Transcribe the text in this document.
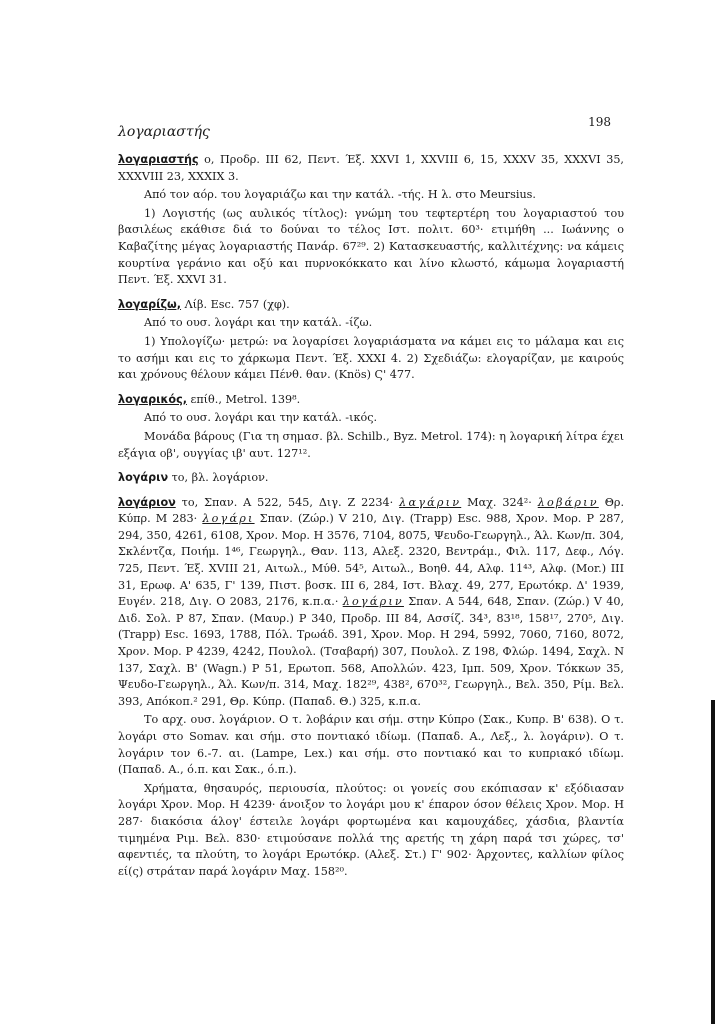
λογαριαστής
198

λογαριαστής ο, Προδρ. III 62, Πεντ. Έξ. XXVI 1, XXVIII 6, 15, XXXV 35, XXXVI 35, XXXVIII 23, XXXIX 3.

Από τον αόρ. του λογαριάζω και την κατάλ. -τής. Η λ. στο Meursius.

1) Λογιστής (ως αυλικός τίτλος): γνώμη του τεφτερτέρη του λογαριαστού του βασιλέως εκάθισε διά το δούναι το τέλος Ιστ. πολιτ. 60³· ετιμήθη ... Ιωάννης ο Καβαζίτης μέγας λογαριαστής Πανάρ. 67²⁹. 2) Κατασκευαστής, καλλιτέχνης: να κάμεις κουρτίνα γεράνιο και οξύ και πυρνοκόκκατο και λίνο κλωστό, κάμωμα λογαριαστή Πεντ. Έξ. XXVI 31.

λογαρίζω, Λίβ. Esc. 757 (χφ).

Από το ουσ. λογάρι και την κατάλ. -ίζω.

1) Υπολογίζω· μετρώ: να λογαρίσει λογαριάσματα να κάμει εις το μάλαμα και εις το ασήμι και εις το χάρκωμα Πεντ. Έξ. XXXI 4. 2) Σχεδιάζω: ελογαρίζαν, με καιρούς και χρόνους θέλουν κάμει Πένθ. θαν. (Knös) Ϛ' 477.

λογαρικός, επίθ., Metrol. 139⁸.

Από το ουσ. λογάρι και την κατάλ. -ικός.

Μονάδα βάρους (Για τη σημασ. βλ. Schilb., Byz. Metrol. 174): η λογαρική λίτρα έχει εξάγια οβ', ουγγίας ιβ' αυτ. 127¹².

λογάριν το, βλ. λογάριον.

λογάριον το, Σπαν. Α 522, 545, Διγ. Ζ 2234· λαγάριν Μαχ. 324²· λοβάριν Θρ. Κύπρ. Μ 283· λογάρι Σπαν. (Ζώρ.) V 210, Διγ. (Trapp) Esc. 988, Χρον. Μορ. P 287, 294, 350, 4261, 6108, Χρον. Μορ. Η 3576, 7104, 8075, Ψευδο-Γεωργηλ., Άλ. Κων/π. 304, Σκλέντζα, Ποιήμ. 1⁴⁶, Γεωργηλ., Θαν. 113, Αλεξ. 2320, Βεντράμ., Φιλ. 117, Δεφ., Λόγ. 725, Πεντ. Έξ. XVIII 21, Αιτωλ., Μύθ. 54⁵, Αιτωλ., Βοηθ. 44, Αλφ. 11⁴³, Αλφ. (Mor.) III 31, Ερωφ. Α' 635, Γ' 139, Πιστ. βοσκ. III 6, 284, Ιστ. Βλαχ. 49, 277, Ερωτόκρ. Δ' 1939, Ευγέν. 218, Διγ. Ο 2083, 2176, κ.π.α.· λογάριν Σπαν. Α 544, 648, Σπαν. (Ζώρ.) V 40, Διδ. Σολ. P 87, Σπαν. (Μαυρ.) P 340, Προδρ. III 84, Ασσίζ. 34³, 83¹⁸, 158¹⁷, 270⁵, Διγ. (Trapp) Esc. 1693, 1788, Πόλ. Τρωάδ. 391, Χρον. Μορ. Η 294, 5992, 7060, 7160, 8072, Χρον. Μορ. P 4239, 4242, Πουλολ. (Τσαβαρή) 307, Πουλολ. Ζ 198, Φλώρ. 1494, Σαχλ. Ν 137, Σαχλ. Β' (Wagn.) P 51, Ερωτοπ. 568, Απολλών. 423, Ιμπ. 509, Χρον. Τόκκων 35, Ψευδο-Γεωργηλ., Άλ. Κων/π. 314, Μαχ. 182²⁹, 438², 670³², Γεωργηλ., Βελ. 350, Ρίμ. Βελ. 393, Απόκοπ.² 291, Θρ. Κύπρ. (Παπαδ. Θ.) 325, κ.π.α.

Το αρχ. ουσ. λογάριον. Ο τ. λοβάριν και σήμ. στην Κύπρο (Σακ., Κυπρ. Β' 638). Ο τ. λογάρι στο Somav. και σήμ. στο ποντιακό ιδίωμ. (Παπαδ. Α., Λεξ., λ. λογάριν). Ο τ. λογάριν τον 6.-7. αι. (Lampe, Lex.) και σήμ. στο ποντιακό και το κυπριακό ιδίωμ. (Παπαδ. Α., ό.π. και Σακ., ό.π.).

Χρήματα, θησαυρός, περιουσία, πλούτος: οι γονείς σου εκόπιασαν κ' εξόδιασαν λογάρι Χρον. Μορ. Η 4239· άνοιξον το λογάρι μου κ' έπαρον όσον θέλεις Χρον. Μορ. Η 287· διακόσια άλογ' έστειλε λογάρι φορτωμένα και καμουχάδες, χάσδια, βλαντία τιμημένα Ριμ. Βελ. 830· ετιμούσανε πολλά της αρετής τη χάρη παρά τσι χώρες, τσ' αφεντιές, τα πλούτη, το λογάρι Ερωτόκρ. (Αλεξ. Στ.) Γ' 902· Άρχοντες, καλλίων φίλος εί(ς) στράταν παρά λογάριν Μαχ. 158²⁰.
